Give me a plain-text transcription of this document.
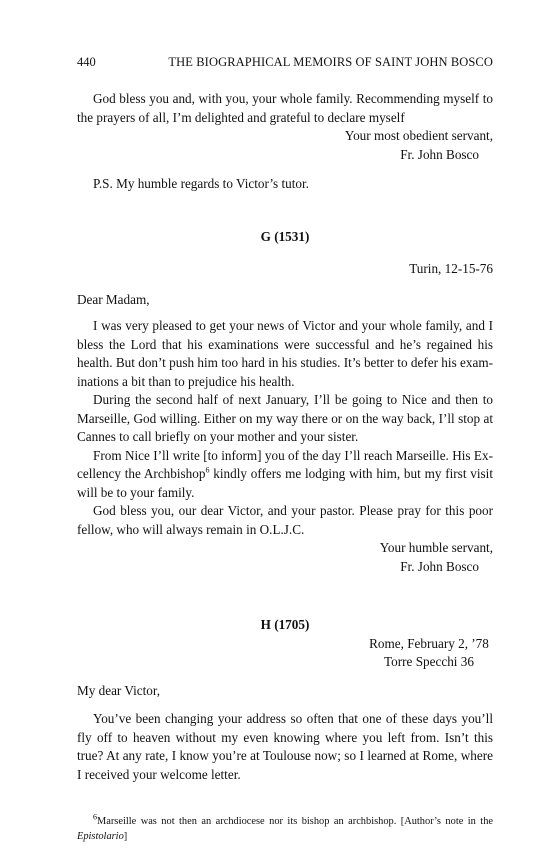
440	THE BIOGRAPHICAL MEMOIRS OF SAINT JOHN BOSCO

God bless you and, with you, your whole family. Recommending myself to the prayers of all, I’m delighted and grateful to declare myself

Your most obedient servant,
Fr. John Bosco

P.S. My humble regards to Victor’s tutor.

G (1531)
Turin, 12-15-76

Dear Madam,

I was very pleased to get your news of Victor and your whole family, and I bless the Lord that his examinations were successful and he’s regained his health. But don’t push him too hard in his studies. It’s better to defer his examinations a bit than to prejudice his health.

During the second half of next January, I’ll be going to Nice and then to Marseille, God willing. Either on my way there or on the way back, I’ll stop at Cannes to call briefly on your mother and your sister.

From Nice I’ll write [to inform] you of the day I’ll reach Marseille. His Excellency the Archbishop$^6$ kindly offers me lodging with him, but my first visit will be to your family.

God bless you, our dear Victor, and your pastor. Please pray for this poor fellow, who will always remain in O.L.J.C.

Your humble servant,
Fr. John Bosco
H (1705)
Rome, February 2, ’78
Torre Specchi 36

My dear Victor,

You’ve been changing your address so often that one of these days you’ll fly off to heaven without my even knowing where you left from. Isn’t this true? At any rate, I know you’re at Toulouse now; so I learned at Rome, where I received your welcome letter.

$^6$Marseille was not then an archdiocese nor its bishop an archbishop. [Author’s note in the Epistolario]
